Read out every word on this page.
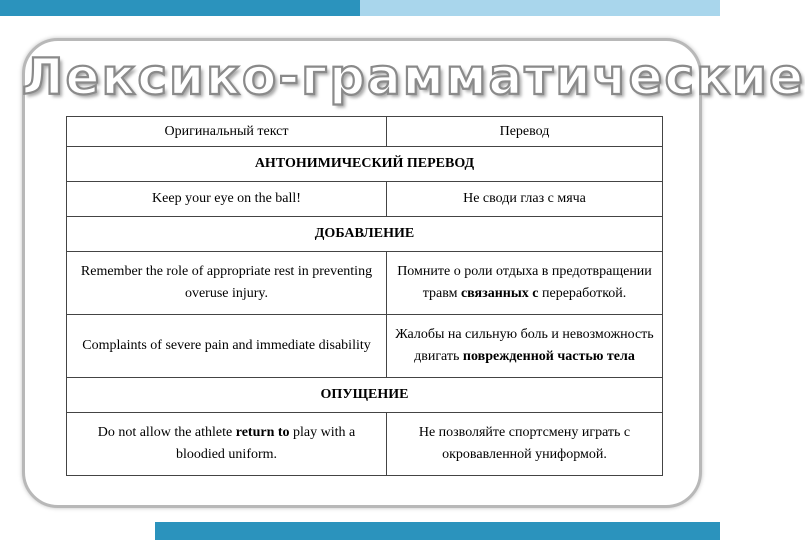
Лексико-грамматические
Оригинальный текст	Перевод
АНТОНИМИЧЕСКИЙ ПЕРЕВОД	
Keep your eye on the ball!	Не своди глаз с мяча
ДОБАВЛЕНИЕ	
Remember the role of appropriate rest in preventing overuse injury.	Помните о роли отдыха в предотвращении травм связанных с переработкой.
Complaints of severe pain and immediate disability	Жалобы на сильную боль и невозможность двигать поврежденной частью тела
ОПУЩЕНИЕ	
Do not allow the athlete return to play with a bloodied uniform.	Не позволяйте спортсмену играть с окровавленной униформой.
